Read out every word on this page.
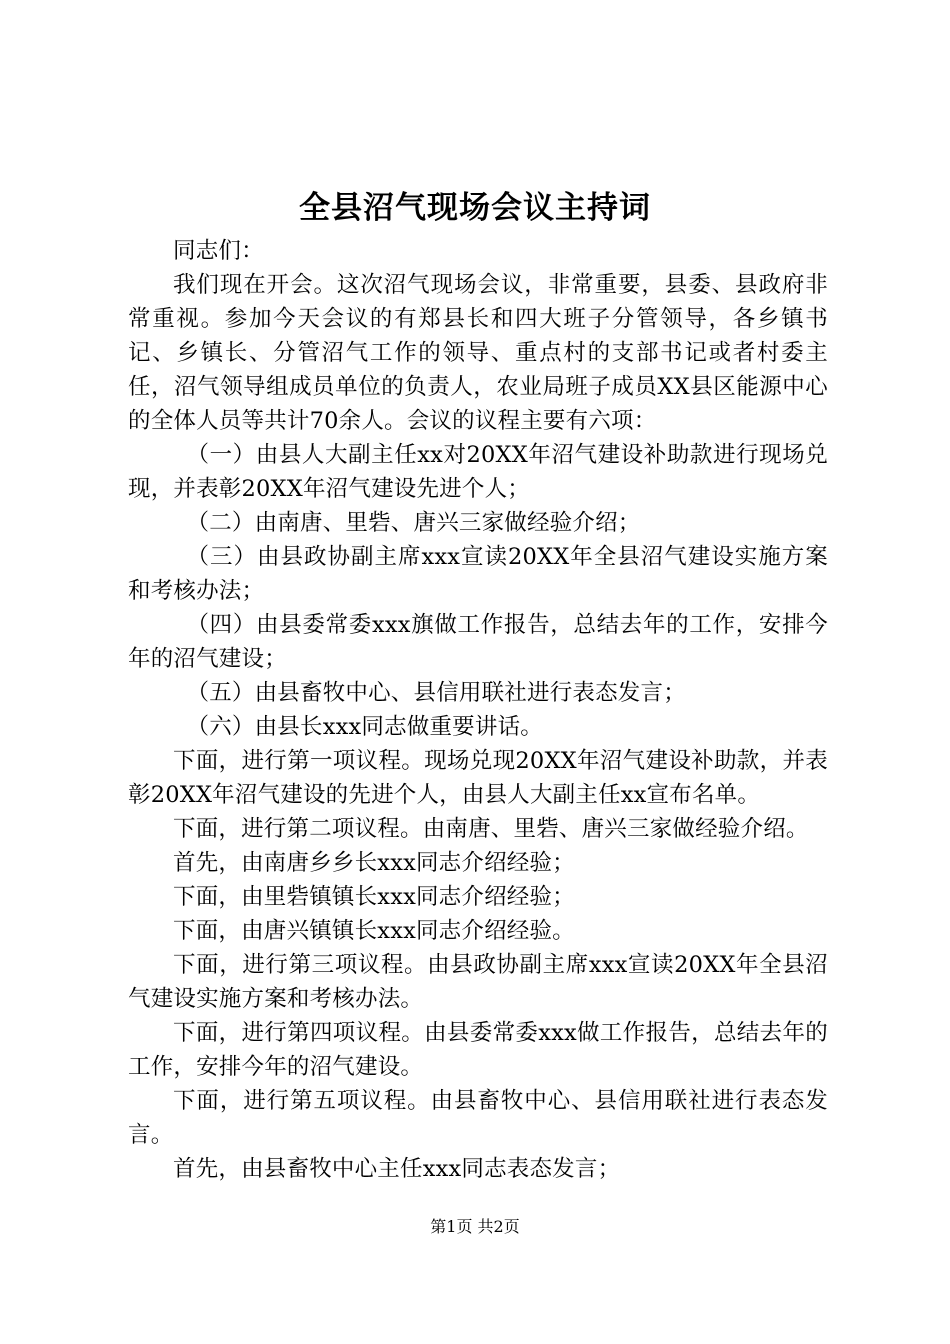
全县沼气现场会议主持词

同志们：

我们现在开会。这次沼气现场会议，非常重要，县委、县政府非常重视。参加今天会议的有郑县长和四大班子分管领导，各乡镇书记、乡镇长、分管沼气工作的领导、重点村的支部书记或者村委主任，沼气领导组成员单位的负责人，农业局班子成员XX县区能源中心的全体人员等共计70余人。会议的议程主要有六项：

（一）由县人大副主任xx对20XX年沼气建设补助款进行现场兑现，并表彰20XX年沼气建设先进个人；

（二）由南唐、里砦、唐兴三家做经验介绍；

（三）由县政协副主席xxx宣读20XX年全县沼气建设实施方案和考核办法；

（四）由县委常委xxx旗做工作报告，总结去年的工作，安排今年的沼气建设；

（五）由县畜牧中心、县信用联社进行表态发言；

（六）由县长xxx同志做重要讲话。

下面，进行第一项议程。现场兑现20XX年沼气建设补助款，并表彰20XX年沼气建设的先进个人，由县人大副主任xx宣布名单。

下面，进行第二项议程。由南唐、里砦、唐兴三家做经验介绍。

首先，由南唐乡乡长xxx同志介绍经验；

下面，由里砦镇镇长xxx同志介绍经验；

下面，由唐兴镇镇长xxx同志介绍经验。

下面，进行第三项议程。由县政协副主席xxx宣读20XX年全县沼气建设实施方案和考核办法。

下面，进行第四项议程。由县委常委xxx做工作报告，总结去年的工作，安排今年的沼气建设。

下面，进行第五项议程。由县畜牧中心、县信用联社进行表态发言。

首先，由县畜牧中心主任xxx同志表态发言；

第1页 共2页
